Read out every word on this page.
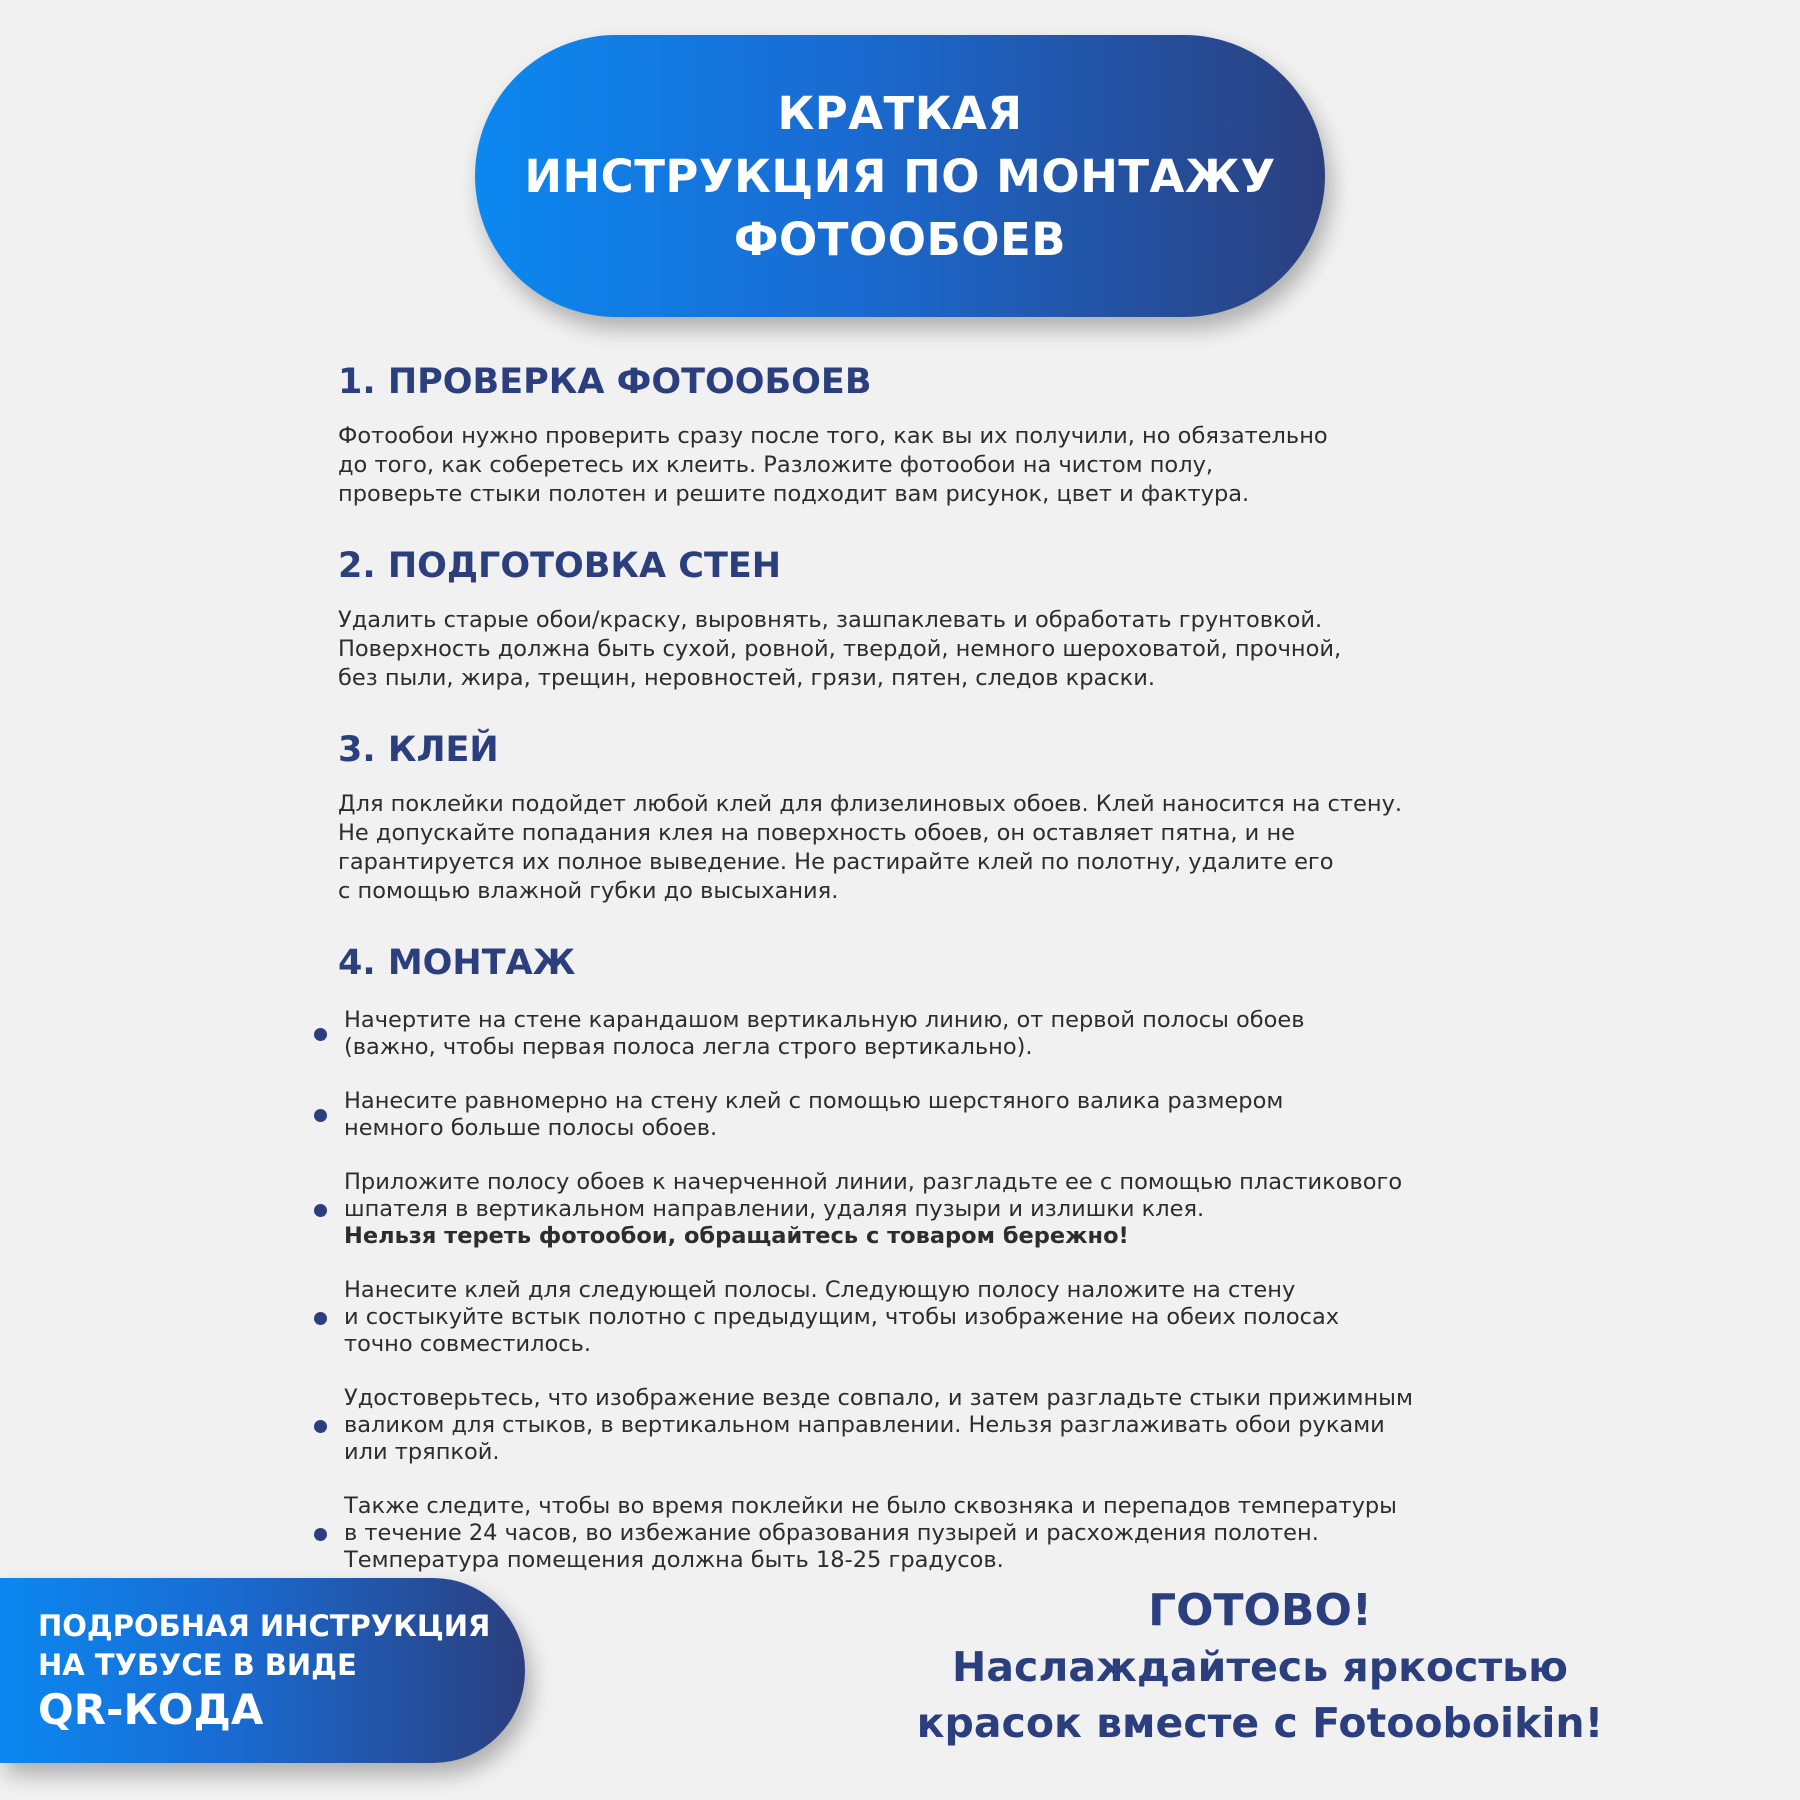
КРАТКАЯ
ИНСТРУКЦИЯ ПО МОНТАЖУ
ФОТООБОЕВ
1. ПРОВЕРКА ФОТООБОЕВ
Фотообои нужно проверить сразу после того, как вы их получили, но обязательно
до того, как соберетесь их клеить. Разложите фотообои на чистом полу,
проверьте стыки полотен и решите подходит вам рисунок, цвет и фактура.
2. ПОДГОТОВКА СТЕН
Удалить старые обои/краску, выровнять, зашпаклевать и обработать грунтовкой.
Поверхность должна быть сухой, ровной, твердой, немного шероховатой, прочной,
без пыли, жира, трещин, неровностей, грязи, пятен, следов краски.
3. КЛЕЙ
Для поклейки подойдет любой клей для флизелиновых обоев. Клей наносится на стену.
Не допускайте попадания клея на поверхность обоев, он оставляет пятна, и не
гарантируется их полное выведение. Не растирайте клей по полотну, удалите его
с помощью влажной губки до высыхания.
4. МОНТАЖ
Начертите на стене карандашом вертикальную линию, от первой полосы обоев
(важно, чтобы первая полоса легла строго вертикально).
Нанесите равномерно на стену клей с помощью шерстяного валика размером
немного больше полосы обоев.
Приложите полосу обоев к начерченной линии, разгладьте ее с помощью пластикового
шпателя в вертикальном направлении, удаляя пузыри и излишки клея.
Нельзя тереть фотообои, обращайтесь с товаром бережно!
Нанесите клей для следующей полосы. Следующую полосу наложите на стену
и состыкуйте встык полотно с предыдущим, чтобы изображение на обеих полосах
точно совместилось.
Удостоверьтесь, что изображение везде совпало, и затем разгладьте стыки прижимным
валиком для стыков, в вертикальном направлении. Нельзя разглаживать обои руками
или тряпкой.
Также следите, чтобы во время поклейки не было сквозняка и перепадов температуры
в течение 24 часов, во избежание образования пузырей и расхождения полотен.
Температура помещения должна быть 18-25 градусов.
ПОДРОБНАЯ ИНСТРУКЦИЯ
НА ТУБУСЕ В ВИДЕ
QR-КОДА
ГОТОВО!
Наслаждайтесь яркостью
красок вместе с Fotooboikin!
